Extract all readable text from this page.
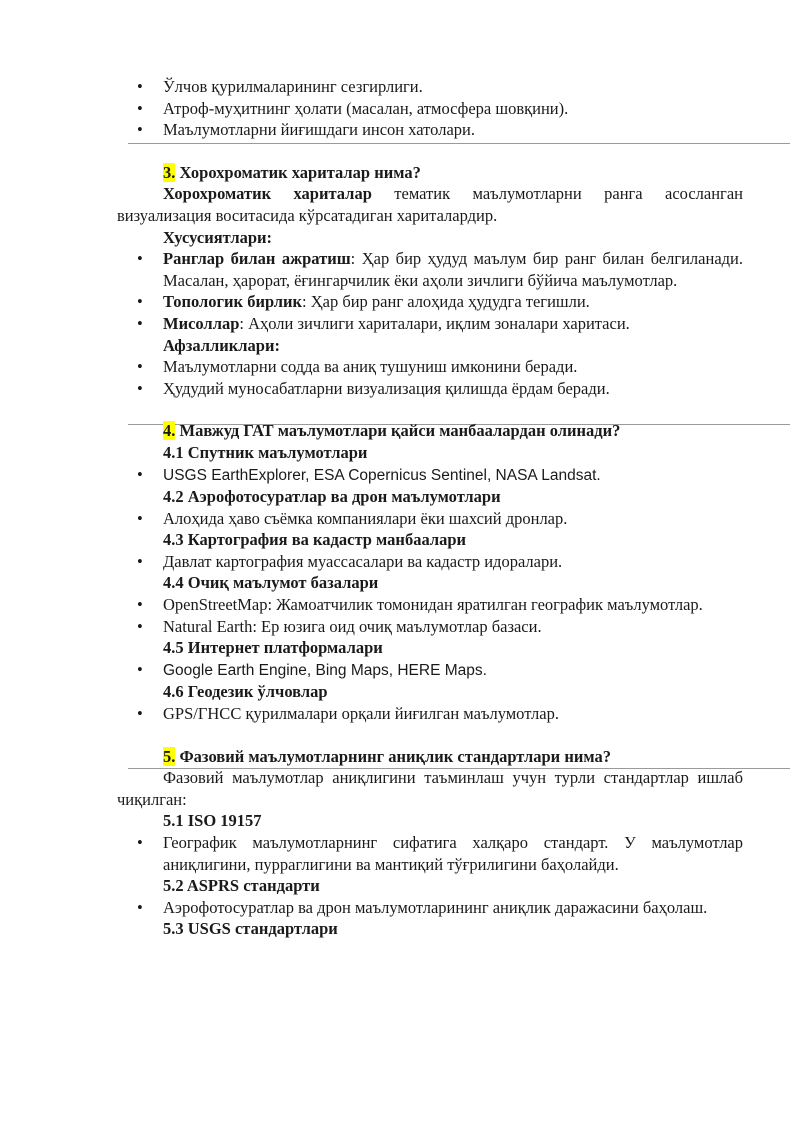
• Ўлчов қурилмаларининг сезгирлиги.
• Атроф-муҳитнинг ҳолати (масалан, атмосфера шовқини).
• Маълумотларни йиғишдаги инсон хатолари.
3. Хорохроматик хариталар нима?
Хорохроматик хариталар тематик маълумотларни ранга асосланган визуализация воситасида кўрсатадиган хариталардир.
Хусусиятлари:
• Ранглар билан ажратиш: Ҳар бир ҳудуд маълум бир ранг билан белгиланади. Масалан, ҳарорат, ёғингарчилик ёки аҳоли зичлиги бўйича маълумотлар.
• Топологик бирлик: Ҳар бир ранг алоҳида ҳудудга тегишли.
• Мисоллар: Аҳоли зичлиги хариталари, иқлим зоналари харитаси.
Афзалликлари:
• Маълумотларни содда ва аниқ тушуниш имконини беради.
• Ҳудудий муносабатларни визуализация қилишда ёрдам беради.
4. Мавжуд ГАТ маълумотлари қайси манбаалардан олинади?
4.1 Спутник маълумотлари
• USGS EarthExplorer, ESA Copernicus Sentinel, NASA Landsat.
4.2 Аэрофотосуратлар ва дрон маълумотлари
• Алоҳида ҳаво съёмка компаниялари ёки шахсий дронлар.
4.3 Картография ва кадастр манбаалари
• Давлат картография муассасалари ва кадастр идоралари.
4.4 Очиқ маълумот базалари
• OpenStreetMap: Жамоатчилик томонидан яратилган географик маълумотлар.
• Natural Earth: Ер юзига оид очиқ маълумотлар базаси.
4.5 Интернет платформалари
• Google Earth Engine, Bing Maps, HERE Maps.
4.6 Геодезик ўлчовлар
• GPS/ГНСС қурилмалари орқали йиғилган маълумотлар.
5. Фазовий маълумотларнинг аниқлик стандартлари нима?
Фазовий маълумотлар аниқлигини таъминлаш учун турли стандартлар ишлаб чиқилган:
5.1 ISO 19157
• Географик маълумотларнинг сифатига халқаро стандарт. У маълумотлар аниқлигини, пурраглигини ва мантиқий тўғрилигини баҳолайди.
5.2 ASPRS стандарти
• Аэрофотосуратлар ва дрон маълумотларининг аниқлик даражасини баҳолаш.
5.3 USGS стандартлари
